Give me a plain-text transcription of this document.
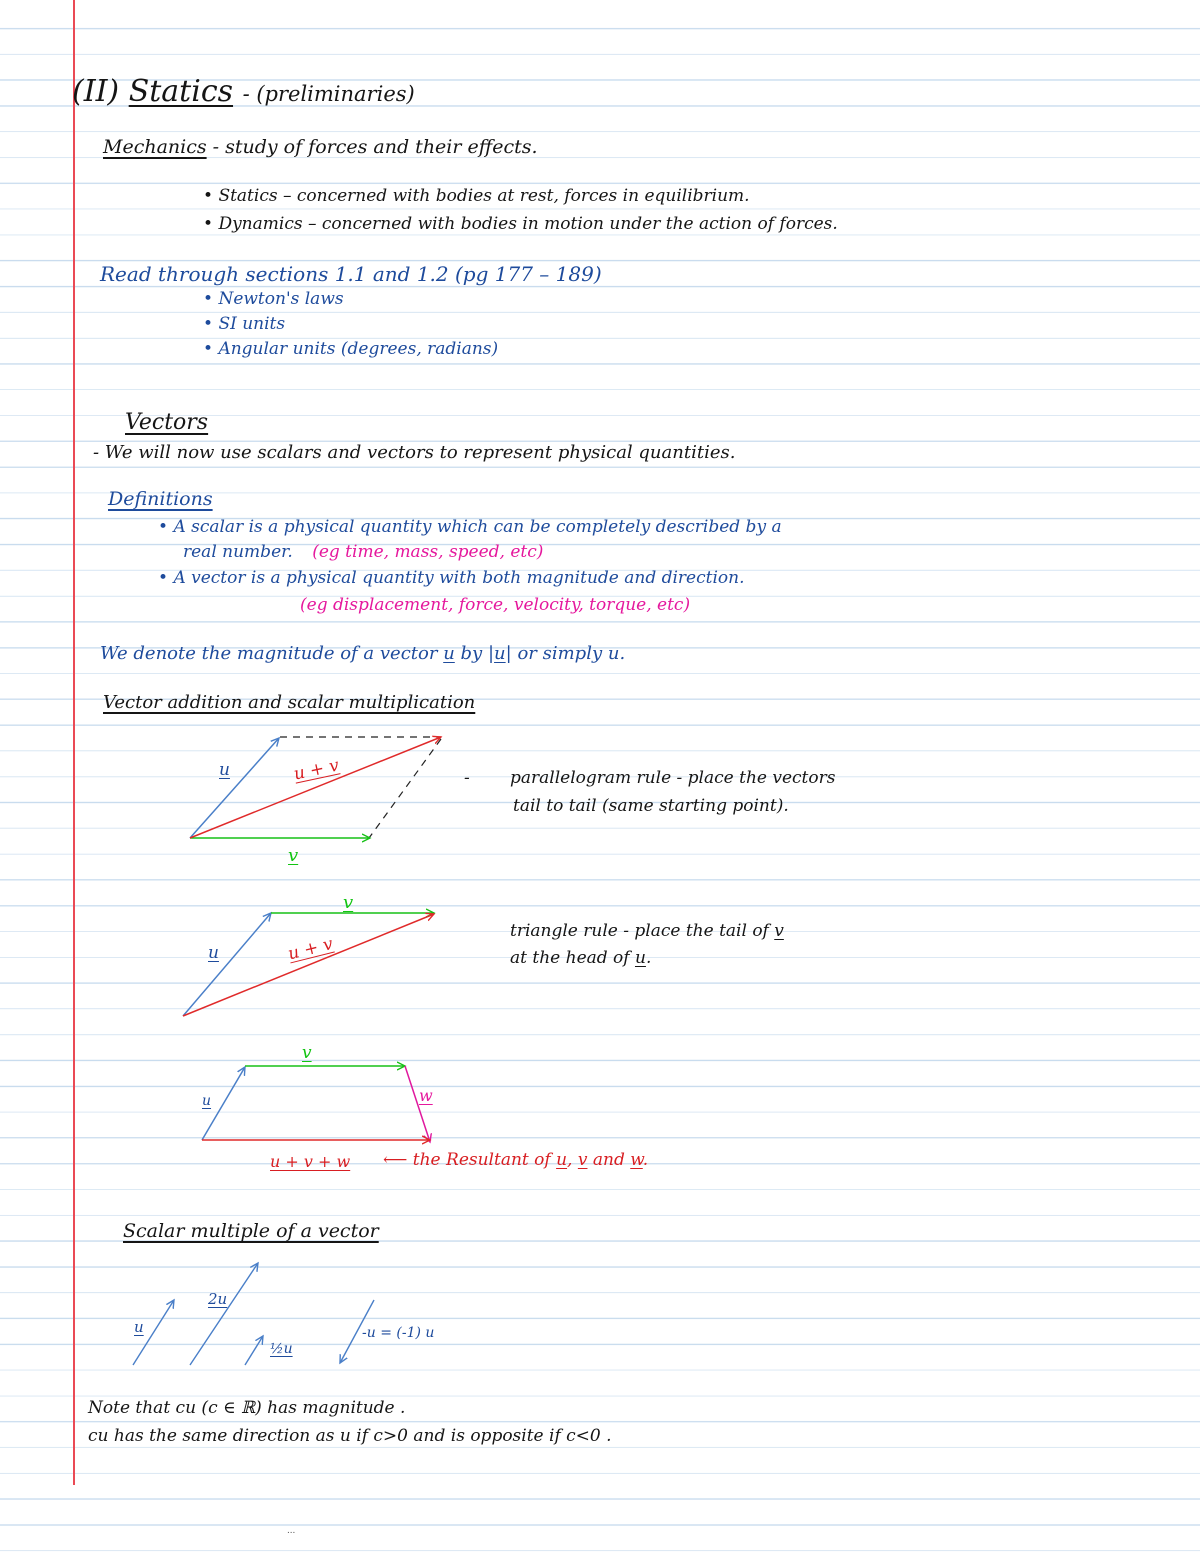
(II) Statics - (preliminaries)
Mechanics - study of forces and their effects.
• Statics – concerned with bodies at rest, forces in equilibrium.
• Dynamics – concerned with bodies in motion under the action of forces.
Read through sections 1.1 and 1.2 (pg 177 – 189)
• Newton's laws
• SI units
• Angular units (degrees, radians)
Vectors
- We will now use scalars and vectors to represent physical quantities.
Definitions
• A scalar is a physical quantity which can be completely described by a
real number. (eg time, mass, speed, etc)
• A vector is a physical quantity with both magnitude and direction.
(eg displacement, force, velocity, torque, etc)
We denote the magnitude of a vector u by |u| or simply u.
Vector addition and scalar multiplication
u	u + v
v
- parallelogram rule - place the vectors
tail to tail (same starting point).
v
u	u + v
triangle rule - place the tail of v
at the head of u.
v
u	w
u + v + w ⟵ the Resultant of u, v and w.
Scalar multiple of a vector
u
2u
½u
-u = (-1) u
Note that cu (c ∈ ℝ) has magnitude .
cu has the same direction as u if c>0 and is opposite if c<0 .
...
